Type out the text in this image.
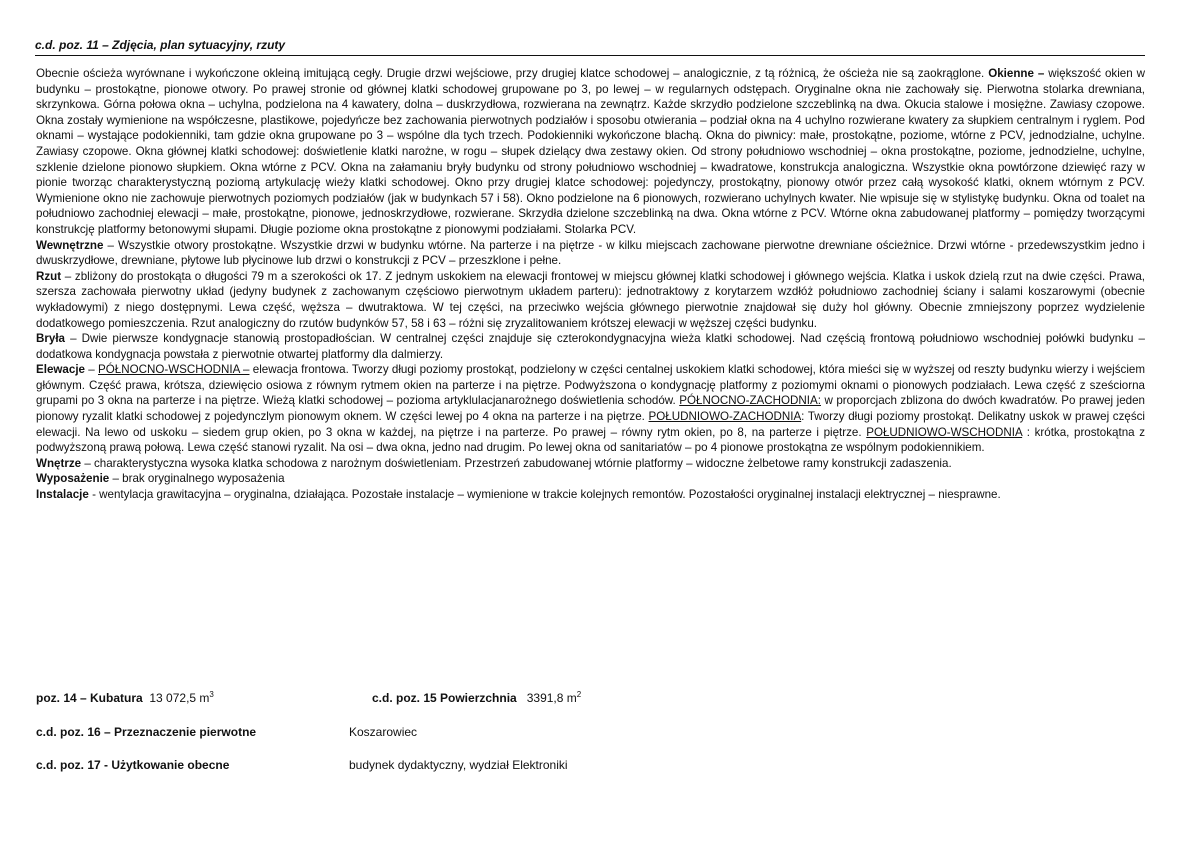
c.d. poz. 11 – Zdjęcia, plan sytuacyjny, rzuty

Obecnie ościeża wyrównane i wykończone okleiną imitującą cegły. Drugie drzwi wejściowe, przy drugiej klatce schodowej – analogicznie, z tą różnicą, że ościeża nie są zaokrąglone. Okienne – większość okien w budynku – prostokątne, pionowe otwory. Po prawej stronie od głównej klatki schodowej grupowane po 3, po lewej – w regularnych odstępach. Oryginalne okna nie zachowały się. Pierwotna stolarka drewniana, skrzynkowa. Górna połowa okna – uchylna, podzielona na 4 kawatery, dolna – duskrzydłowa, rozwierana na zewnątrz. Każde skrzydło podzielone szczeblinką na dwa. Okucia stalowe i mosiężne. Zawiasy czopowe. Okna zostały wymienione na współczesne, plastikowe, pojedyńcze bez zachowania pierwotnych podziałów i sposobu otwierania – podział okna na 4 uchylno rozwierane kwatery za słupkiem centralnym i ryglem. Pod oknami – wystające podokienniki, tam gdzie okna grupowane po 3 – wspólne dla tych trzech. Podokienniki wykończone blachą. Okna do piwnicy: małe, prostokątne, poziome, wtórne z PCV, jednodzialne, uchylne. Zawiasy czopowe. Okna głównej klatki schodowej: doświetlenie klatki narożne, w rogu – słupek dzielący dwa zestawy okien. Od strony południowo wschodniej – okna prostokątne, poziome, jednodzielne, uchylne, szklenie dzielone pionowo słupkiem. Okna wtórne z PCV. Okna na załamaniu bryły budynku od strony południowo wschodniej – kwadratowe, konstrukcja analogiczna. Wszystkie okna powtórzone dziewięć razy w pionie tworząc charakterystyczną poziomą artykulację wieży klatki schodowej. Okno przy drugiej klatce schodowej: pojedynczy, prostokątny, pionowy otwór przez całą wysokość klatki, oknem wtórnym z PCV. Wymienione okno nie zachowuje pierwotnych poziomych podziałów (jak w budynkach 57 i 58). Okno podzielone na 6 pionowych, rozwierano uchylnych kwater. Nie wpisuje się w stylistykę budynku. Okna od toalet na południowo zachodniej elewacji – małe, prostokątne, pionowe, jednoskrzydłowe, rozwierane. Skrzydła dzielone szczeblinką na dwa. Okna wtórne z PCV. Wtórne okna zabudowanej platformy – pomiędzy tworzącymi konstrukcję platformy betonowymi słupami. Długie poziome okna prostokątne z pionowymi podziałami. Stolarka PCV.

Wewnętrzne – Wszystkie otwory prostokątne. Wszystkie drzwi w budynku wtórne. Na parterze i na piętrze - w kilku miejscach zachowane pierwotne drewniane ościeżnice. Drzwi wtórne - przedewszystkim jedno i dwuskrzydłowe, drewniane, płytowe lub płycinowe lub drzwi o konstrukcji z PCV – przeszklone i pełne.

Rzut – zbliżony do prostokąta o długości 79 m a szerokości ok 17. Z jednym uskokiem na elewacji frontowej w miejscu głównej klatki schodowej i głównego wejścia. Klatka i uskok dzielą rzut na dwie części. Prawa, szersza zachowała pierwotny układ (jedyny budynek z zachowanym częściowo pierwotnym układem parteru): jednotraktowy z korytarzem wzdłóż południowo zachodniej ściany i salami koszarowymi (obecnie wykładowymi) z niego dostępnymi. Lewa część, węższa – dwutraktowa. W tej części, na przeciwko wejścia głównego pierwotnie znajdował się duży hol główny. Obecnie zmniejszony poprzez wydzielenie dodatkowego pomieszczenia. Rzut analogiczny do rzutów budynków 57, 58 i 63 – różni się zryzalitowaniem krótszej elewacji w węższej części budynku.

Bryła – Dwie pierwsze kondygnacje stanowią prostopadłościan. W centralnej części znajduje się czterokondygnacyjna wieża klatki schodowej. Nad częścią frontową południowo wschodniej połówki budynku – dodatkowa kondygnacja powstała z pierwotnie otwartej platformy dla dalmierzy.

Elewacje – PÓŁNOCNO-WSCHODNIA – elewacja frontowa. Tworzy długi poziomy prostokąt, podzielony w części centalnej uskokiem klatki schodowej, która mieści się w wyższej od reszty budynku wierzy i wejściem głównym. Część prawa, krótsza, dziewięcio osiowa z równym rytmem okien na parterze i na piętrze. Podwyższona o kondygnację platformy z poziomymi oknami o pionowych podziałach. Lewa część z sześciorna grupami po 3 okna na parterze i na piętrze. Wieżą klatki schodowej – pozioma artyklulacjanarożnego doświetlenia schodów. PÓŁNOCNO-ZACHODNIA: w proporcjach zblizona do dwóch kwadratów. Po prawej jeden pionowy ryzalit klatki schodowej z pojedynczlym pionowym oknem. W części lewej po 4 okna na parterze i na piętrze. POŁUDNIOWO-ZACHODNIA: Tworzy długi poziomy prostokąt. Delikatny uskok w prawej części elewacji. Na lewo od uskoku – siedem grup okien, po 3 okna w każdej, na piętrze i na parterze. Po prawej – równy rytm okien, po 8, na parterze i piętrze. POŁUDNIOWO-WSCHODNIA : krótka, prostokątna z podwyższoną prawą połową. Lewa część stanowi ryzalit. Na osi – dwa okna, jedno nad drugim. Po lewej okna od sanitariatów – po 4 pionowe prostokątna ze wspólnym podokiennikiem.

Wnętrze – charakterystyczna wysoka klatka schodowa z narożnym doświetleniam. Przestrzeń zabudowanej wtórnie platformy – widoczne żelbetowe ramy konstrukcji zadaszenia.

Wyposażenie – brak oryginalnego wyposażenia

Instalacje - wentylacja grawitacyjna – oryginalna, działająca. Pozostałe instalacje – wymienione w trakcie kolejnych remontów. Pozostałości oryginalnej instalacji elektrycznej – niesprawne.

poz. 14 – Kubatura 13 072,5 $m^3$	c.d. poz. 15 Powierzchnia 3391,8 $m^2$
c.d. poz. 16 – Przeznaczenie pierwotne	Koszarowiec
c.d. poz. 17 - Użytkowanie obecne	budynek dydaktyczny, wydział Elektroniki
